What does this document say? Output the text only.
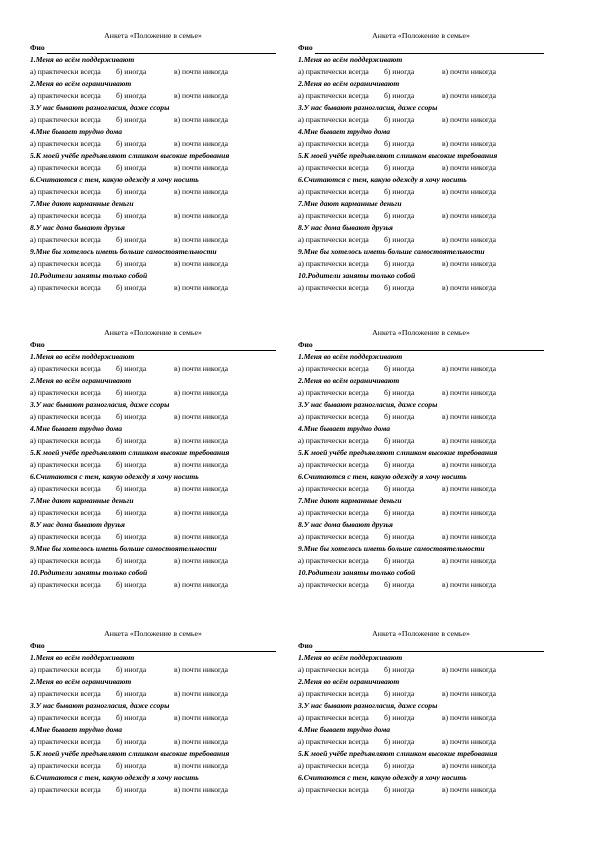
Анкета «Положение в семье»
Фио
1.Меня во всём поддерживают
а) практически всегда	б) иногда	в) почти никогда
2.Меня во всём ограничивают
а) практически всегда	б) иногда	в) почти никогда
3.У нас бывают разногласия, даже ссоры
а) практически всегда	б) иногда	в) почти никогда
4.Мне бывает трудно дома
а) практически всегда	б) иногда	в) почти никогда
5.К моей учёбе предъявляют слишком высокие требования
а) практически всегда	б) иногда	в) почти никогда
6.Считаются с тем, какую одежду я хочу носить
а) практически всегда	б) иногда	в) почти никогда
7.Мне дают карманные деньги
а) практически всегда	б) иногда	в) почти никогда
8.У нас дома бывают друзья
а) практически всегда	б) иногда	в) почти никогда
9.Мне бы хотелось иметь больше самостоятельности
а) практически всегда	б) иногда	в) почти никогда
10.Родители заняты только собой
а) практически всегда	б) иногда	в) почти никогда
Анкета «Положение в семье»
Фио
1.Меня во всём поддерживают
а) практически всегда	б) иногда	в) почти никогда
2.Меня во всём ограничивают
а) практически всегда	б) иногда	в) почти никогда
3.У нас бывают разногласия, даже ссоры
а) практически всегда	б) иногда	в) почти никогда
4.Мне бывает трудно дома
а) практически всегда	б) иногда	в) почти никогда
5.К моей учёбе предъявляют слишком высокие требования
а) практически всегда	б) иногда	в) почти никогда
6.Считаются с тем, какую одежду я хочу носить
а) практически всегда	б) иногда	в) почти никогда
7.Мне дают карманные деньги
а) практически всегда	б) иногда	в) почти никогда
8.У нас дома бывают друзья
а) практически всегда	б) иногда	в) почти никогда
9.Мне бы хотелось иметь больше самостоятельности
а) практически всегда	б) иногда	в) почти никогда
10.Родители заняты только собой
а) практически всегда	б) иногда	в) почти никогда
Анкета «Положение в семье»
Фио
1.Меня во всём поддерживают
а) практически всегда	б) иногда	в) почти никогда
2.Меня во всём ограничивают
а) практически всегда	б) иногда	в) почти никогда
3.У нас бывают разногласия, даже ссоры
а) практически всегда	б) иногда	в) почти никогда
4.Мне бывает трудно дома
а) практически всегда	б) иногда	в) почти никогда
5.К моей учёбе предъявляют слишком высокие требования
а) практически всегда	б) иногда	в) почти никогда
6.Считаются с тем, какую одежду я хочу носить
а) практически всегда	б) иногда	в) почти никогда
7.Мне дают карманные деньги
а) практически всегда	б) иногда	в) почти никогда
8.У нас дома бывают друзья
а) практически всегда	б) иногда	в) почти никогда
9.Мне бы хотелось иметь больше самостоятельности
а) практически всегда	б) иногда	в) почти никогда
10.Родители заняты только собой
а) практически всегда	б) иногда	в) почти никогда
Анкета «Положение в семье»
Фио
1.Меня во всём поддерживают
а) практически всегда	б) иногда	в) почти никогда
2.Меня во всём ограничивают
а) практически всегда	б) иногда	в) почти никогда
3.У нас бывают разногласия, даже ссоры
а) практически всегда	б) иногда	в) почти никогда
4.Мне бывает трудно дома
а) практически всегда	б) иногда	в) почти никогда
5.К моей учёбе предъявляют слишком высокие требования
а) практически всегда	б) иногда	в) почти никогда
6.Считаются с тем, какую одежду я хочу носить
а) практически всегда	б) иногда	в) почти никогда
7.Мне дают карманные деньги
а) практически всегда	б) иногда	в) почти никогда
8.У нас дома бывают друзья
а) практически всегда	б) иногда	в) почти никогда
9.Мне бы хотелось иметь больше самостоятельности
а) практически всегда	б) иногда	в) почти никогда
10.Родители заняты только собой
а) практически всегда	б) иногда	в) почти никогда
Анкета «Положение в семье»
Фио
1.Меня во всём поддерживают
а) практически всегда	б) иногда	в) почти никогда
2.Меня во всём ограничивают
а) практически всегда	б) иногда	в) почти никогда
3.У нас бывают разногласия, даже ссоры
а) практически всегда	б) иногда	в) почти никогда
4.Мне бывает трудно дома
а) практически всегда	б) иногда	в) почти никогда
5.К моей учёбе предъявляют слишком высокие требования
а) практически всегда	б) иногда	в) почти никогда
6.Считаются с тем, какую одежду я хочу носить
а) практически всегда	б) иногда	в) почти никогда
Анкета «Положение в семье»
Фио
1.Меня во всём поддерживают
а) практически всегда	б) иногда	в) почти никогда
2.Меня во всём ограничивают
а) практически всегда	б) иногда	в) почти никогда
3.У нас бывают разногласия, даже ссоры
а) практически всегда	б) иногда	в) почти никогда
4.Мне бывает трудно дома
а) практически всегда	б) иногда	в) почти никогда
5.К моей учёбе предъявляют слишком высокие требования
а) практически всегда	б) иногда	в) почти никогда
6.Считаются с тем, какую одежду я хочу носить
а) практически всегда	б) иногда	в) почти никогда
